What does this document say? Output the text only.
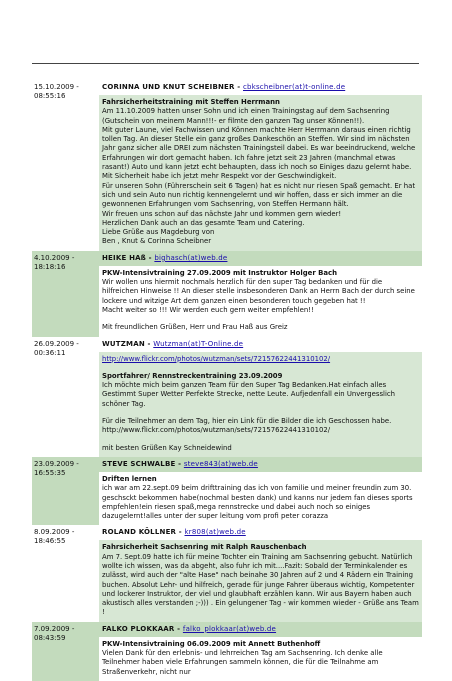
15.10.2009 - 08:55:16
CORINNA UND KNUT SCHEIBNER - cbkscheibner(at)t-online.de

Fahrsicherheitstraining mit Steffen Herrmann

Am 11.10.2009 hatten unser Sohn und ich einen Trainingstag auf dem Sachsenring (Gutschein von meinem Mann!!!- er filmte den ganzen Tag unser Können!!).

Mit guter Laune, viel Fachwissen und Können machte Herr Herrmann daraus einen richtig tollen Tag. An dieser Stelle ein ganz großes Dankeschön an Steffen. Wir sind im nächsten Jahr ganz sicher alle DREI zum nächsten Trainingsteil dabei. Es war beeindruckend, welche Erfahrungen wir dort gemacht haben. Ich fahre jetzt seit 23 Jahren (manchmal etwas rasant!) Auto und kann jetzt echt behaupten, dass ich noch so Einiges dazu gelernt habe. Mit Sicherheit habe ich jetzt mehr Respekt vor der Geschwindigkeit.

Für unseren Sohn (Führerschein seit 6 Tagen) hat es nicht nur riesen Spaß gemacht. Er hat sich und sein Auto nun richtig kennengelernt und wir hoffen, dass er sich immer an die gewonnenen Erfahrungen vom Sachsenring, von Steffen Hermann hält.

Wir freuen uns schon auf das nächste Jahr und kommen gern wieder!

Herzlichen Dank auch an das gesamte Team und Catering.

Liebe Grüße aus Magdeburg von

Ben , Knut & Corinna Scheibner

4.10.2009 - 18:18:16
HEIKE HAß - bighasch(at)web.de

PKW-Intensivtraining 27.09.2009 mit Instruktor Holger Bach

Wir wollen uns hiermit nochmals herzlich für den super Tag bedanken und für die hilfreichen Hinweise !! An dieser stelle insbesonderen Dank an Herrn Bach der durch seine lockere und witzige Art dem ganzen einen besonderen touch gegeben hat !!

Macht weiter so !!! Wir werden euch gern weiter empfehlen!!

Mit freundlichen Grüßen, Herr und Frau Haß aus Greiz

26.09.2009 - 00:36:11
WUTZMAN - Wutzman(at)T-Online.de

http://www.flickr.com/photos/wutzman/sets/72157622441310102/

Sportfahrer/ Rennstreckentraining 23.09.2009

Ich möchte mich beim ganzen Team für den Super Tag Bedanken.Hat einfach alles Gestimmt Super Wetter Perfekte Strecke, nette Leute. Aufjedenfall ein Unvergesslich schöner Tag.

Für die Teilnehmer an dem Tag, hier ein Link für die Bilder die ich Geschossen habe.

http://www.flickr.com/photos/wutzman/sets/72157622441310102/

mit besten Grüßen Kay Schneidewind

23.09.2009 - 16:55:35
STEVE SCHWALBE - steve843(at)web.de

Driften lernen

ich war am 22.sept.09 beim drifttraining das ich von familie und meiner freundin zum 30. geschsckt bekommen habe(nochmal besten dank) und kanns nur jedem fan dieses sports empfehlen!ein riesen spaß,mega rennstrecke und dabei auch noch so einiges dazugelernt!alles unter der super leitung vom profi peter corazza

8.09.2009 - 18:46:55
ROLAND KÖLLNER - kr808(at)web.de

Fahrsicherheit Sachsenring mit Ralph Rauschenbach

Am 7. Sept.09 hatte ich für meine Tochter ein Training am Sachsenring gebucht. Natürlich wollte ich wissen, was da abgeht, also fuhr ich mit....Fazit: Sobald der Terminkalender es zulässt, wird auch der "alte Hase" nach beinahe 30 Jahren auf 2 und 4 Rädern ein Training buchen. Absolut Lehr- und hilfreich, gerade für junge Fahrer überaus wichtig, Kompetenter und lockerer Instruktor, der viel und glaubhaft erzählen kann. Wir aus Bayern haben auch akustisch alles verstanden ;-))) . Ein gelungener Tag - wir kommen wieder - Grüße ans Team !

7.09.2009 - 08:43:59
FALKO PLOKKAAR - falko_plokkaar(at)web.de

PKW-Intensivtraining 06.09.2009 mit Annett Buthenhoff

Vielen Dank für den erlebnis- und lehrreichen Tag am Sachsenring. Ich denke alle Teilnehmer haben viele Erfahrungen sammeln können, die für die Teilnahme am Straßenverkehr, nicht nur
